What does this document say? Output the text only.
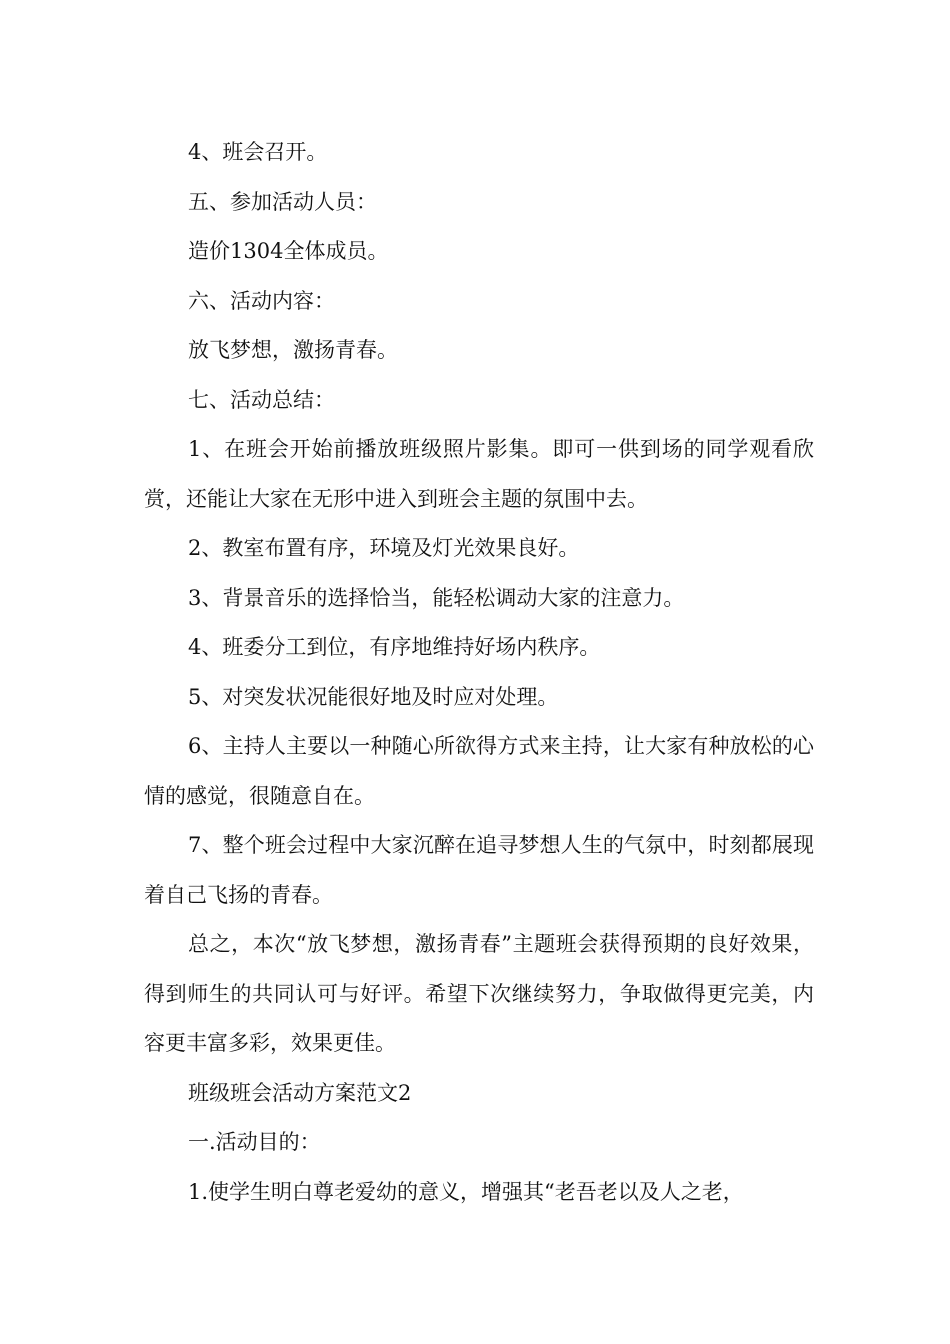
4、班会召开。

五、参加活动人员：

造价1304全体成员。

六、活动内容：

放飞梦想，激扬青春。

七、活动总结：

1、在班会开始前播放班级照片影集。即可一供到场的同学观看欣赏，还能让大家在无形中进入到班会主题的氛围中去。

2、教室布置有序，环境及灯光效果良好。

3、背景音乐的选择恰当，能轻松调动大家的注意力。

4、班委分工到位，有序地维持好场内秩序。

5、对突发状况能很好地及时应对处理。

6、主持人主要以一种随心所欲得方式来主持，让大家有种放松的心情的感觉，很随意自在。

7、整个班会过程中大家沉醉在追寻梦想人生的气氛中，时刻都展现着自己飞扬的青春。

总之，本次“放飞梦想，激扬青春”主题班会获得预期的良好效果，得到师生的共同认可与好评。希望下次继续努力，争取做得更完美，内容更丰富多彩，效果更佳。

班级班会活动方案范文2

一.活动目的：

1.使学生明白尊老爱幼的意义，增强其“老吾老以及人之老，
